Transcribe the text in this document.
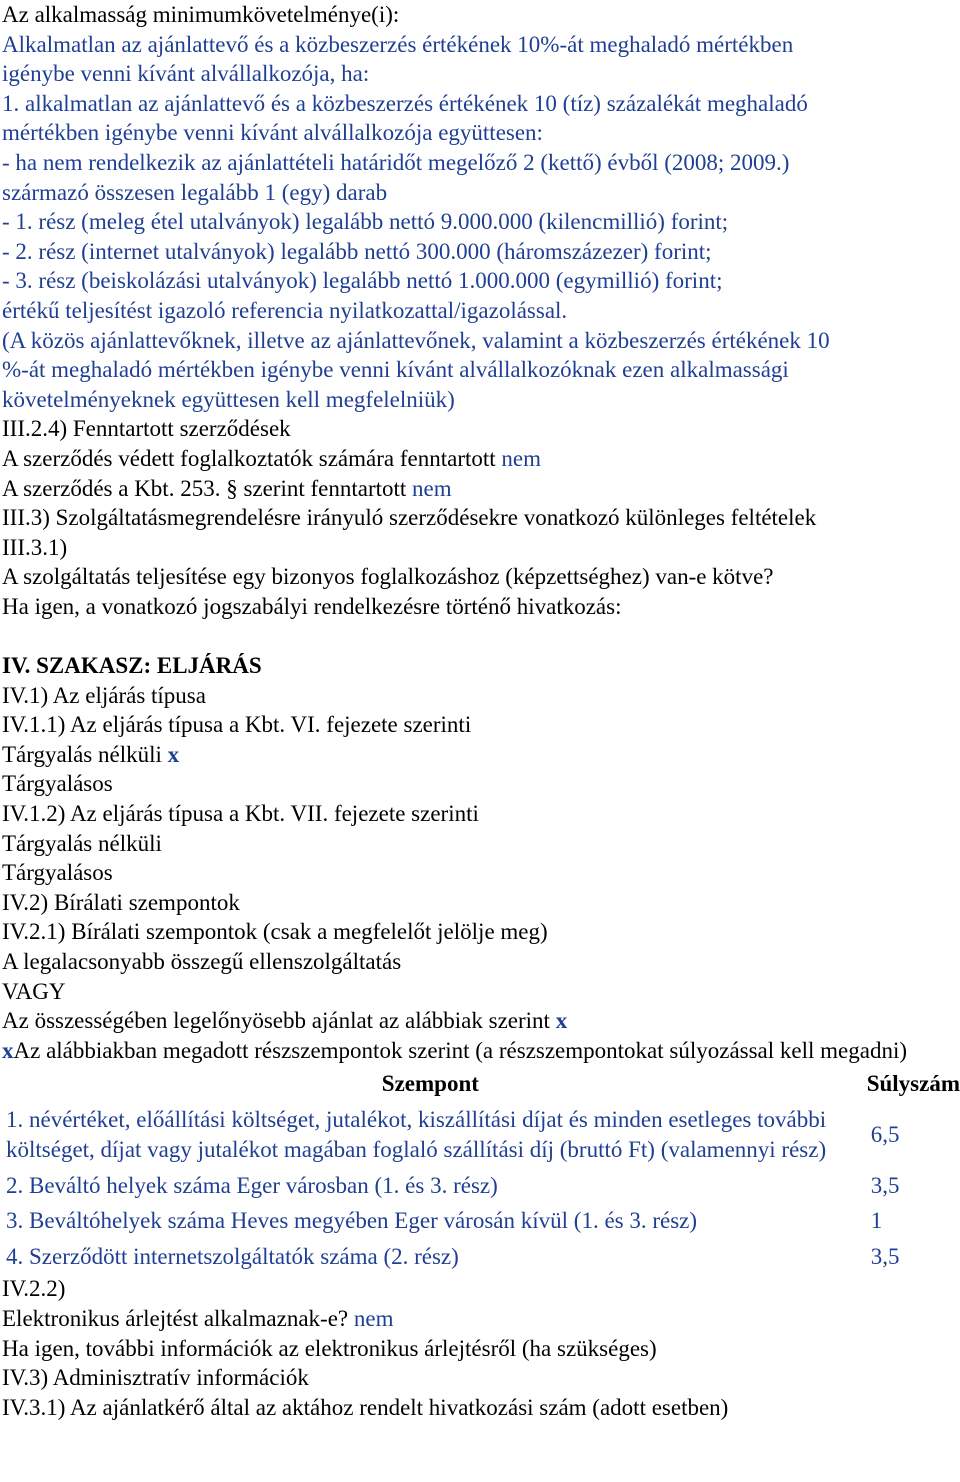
Az alkalmasság minimumkövetelménye(i):
Alkalmatlan az ajánlattevő és a közbeszerzés értékének 10%-át meghaladó mértékben
igénybe venni kívánt alvállalkozója, ha:
1. alkalmatlan az ajánlattevő és a közbeszerzés értékének 10 (tíz) százalékát meghaladó
mértékben igénybe venni kívánt alvállalkozója együttesen:
- ha nem rendelkezik az ajánlattételi határidőt megelőző 2 (kettő) évből (2008; 2009.)
származó összesen legalább 1 (egy) darab
- 1. rész (meleg étel utalványok) legalább nettó 9.000.000 (kilencmillió) forint;
- 2. rész (internet utalványok) legalább nettó 300.000 (háromszázezer) forint;
- 3. rész (beiskolázási utalványok) legalább nettó 1.000.000 (egymillió) forint;
értékű teljesítést igazoló referencia nyilatkozattal/igazolással.
(A közös ajánlattevőknek, illetve az ajánlattevőnek, valamint a közbeszerzés értékének 10
%-át meghaladó mértékben igénybe venni kívánt alvállalkozóknak ezen alkalmassági
követelményeknek együttesen kell megfelelniük)
III.2.4) Fenntartott szerződések
A szerződés védett foglalkoztatók számára fenntartott nem
A szerződés a Kbt. 253. § szerint fenntartott nem
III.3) Szolgáltatásmegrendelésre irányuló szerződésekre vonatkozó különleges feltételek
III.3.1)
A szolgáltatás teljesítése egy bizonyos foglalkozáshoz (képzettséghez) van-e kötve?
Ha igen, a vonatkozó jogszabályi rendelkezésre történő hivatkozás:
IV. SZAKASZ: ELJÁRÁS
IV.1) Az eljárás típusa
IV.1.1) Az eljárás típusa a Kbt. VI. fejezete szerinti
Tárgyalás nélküli x
Tárgyalásos
IV.1.2) Az eljárás típusa a Kbt. VII. fejezete szerinti
Tárgyalás nélküli
Tárgyalásos
IV.2) Bírálati szempontok
IV.2.1) Bírálati szempontok (csak a megfelelőt jelölje meg)
A legalacsonyabb összegű ellenszolgáltatás
VAGY
Az összességében legelőnyösebb ajánlat az alábbiak szerint x
xAz alábbiakban megadott részszempontok szerint (a részszempontokat súlyozással kell megadni)
Szempont	Súlyszám
1. névértéket, előállítási költséget, jutalékot, kiszállítási díjat és minden esetleges további költséget, díjat vagy jutalékot magában foglaló szállítási díj (bruttó Ft) (valamennyi rész)	6,5
2. Beváltó helyek száma Eger városban (1. és 3. rész)	3,5
3. Beváltóhelyek száma Heves megyében Eger városán kívül (1. és 3. rész)	1
4. Szerződött internetszolgáltatók száma (2. rész)	3,5
IV.2.2)
Elektronikus árlejtést alkalmaznak-e? nem
Ha igen, további információk az elektronikus árlejtésről (ha szükséges)
IV.3) Adminisztratív információk
IV.3.1) Az ajánlatkérő által az aktához rendelt hivatkozási szám (adott esetben)
